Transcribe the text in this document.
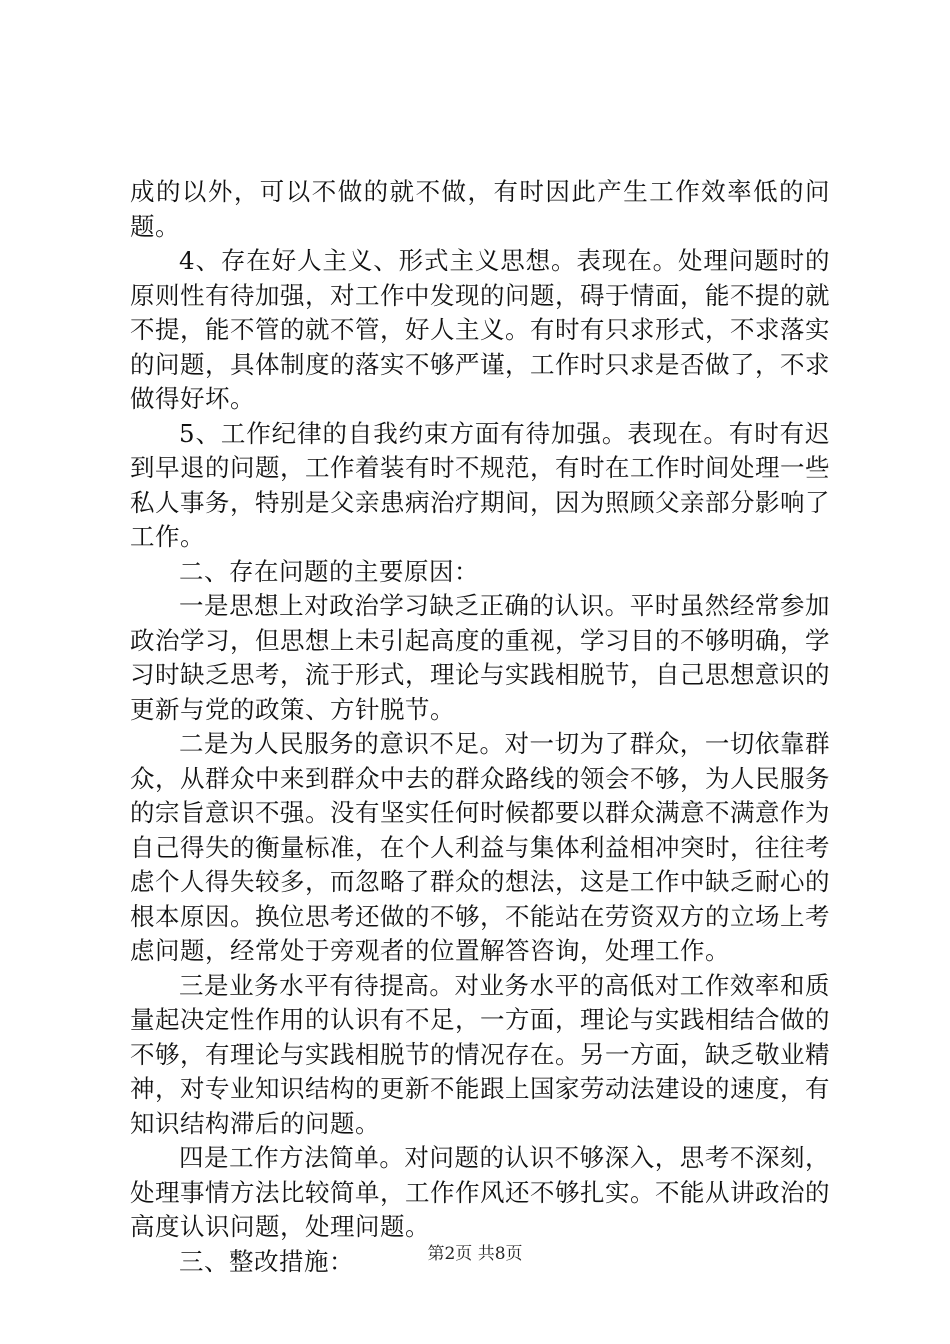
成的以外，可以不做的就不做，有时因此产生工作效率低的问题。

4、存在好人主义、形式主义思想。表现在。处理问题时的原则性有待加强，对工作中发现的问题，碍于情面，能不提的就不提，能不管的就不管，好人主义。有时有只求形式，不求落实的问题，具体制度的落实不够严谨，工作时只求是否做了，不求做得好坏。

5、工作纪律的自我约束方面有待加强。表现在。有时有迟到早退的问题，工作着装有时不规范，有时在工作时间处理一些私人事务，特别是父亲患病治疗期间，因为照顾父亲部分影响了工作。

二、存在问题的主要原因：

一是思想上对政治学习缺乏正确的认识。平时虽然经常参加政治学习，但思想上未引起高度的重视，学习目的不够明确，学习时缺乏思考，流于形式，理论与实践相脱节，自己思想意识的更新与党的政策、方针脱节。

二是为人民服务的意识不足。对一切为了群众，一切依靠群众，从群众中来到群众中去的群众路线的领会不够，为人民服务的宗旨意识不强。没有坚实任何时候都要以群众满意不满意作为自己得失的衡量标准，在个人利益与集体利益相冲突时，往往考虑个人得失较多，而忽略了群众的想法，这是工作中缺乏耐心的根本原因。换位思考还做的不够，不能站在劳资双方的立场上考虑问题，经常处于旁观者的位置解答咨询，处理工作。

三是业务水平有待提高。对业务水平的高低对工作效率和质量起决定性作用的认识有不足，一方面，理论与实践相结合做的不够，有理论与实践相脱节的情况存在。另一方面，缺乏敬业精神，对专业知识结构的更新不能跟上国家劳动法建设的速度，有知识结构滞后的问题。

四是工作方法简单。对问题的认识不够深入，思考不深刻，处理事情方法比较简单，工作作风还不够扎实。不能从讲政治的高度认识问题，处理问题。

三、整改措施：	第2页 共8页
